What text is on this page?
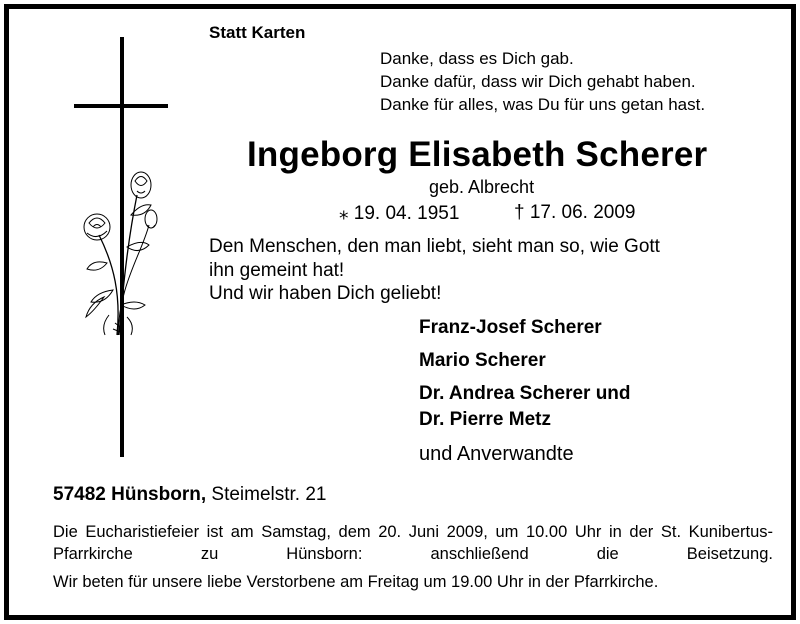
Statt Karten
Danke, dass es Dich gab.
Danke dafür, dass wir Dich gehabt haben.
Danke für alles, was Du für uns getan hast.
Ingeborg Elisabeth Scherer
geb. Albrecht
⁎ 19. 04. 1951	† 17. 06. 2009
Den Menschen, den man liebt, sieht man so, wie Gott
ihn gemeint hat!
Und wir haben Dich geliebt!
Franz-Josef Scherer
Mario Scherer
Dr. Andrea Scherer und
Dr. Pierre Metz
und Anverwandte
57482 Hünsborn, Steimelstr. 21
Die Eucharistiefeier ist am Samstag, dem 20. Juni 2009, um 10.00 Uhr in der St. Kunibertus-Pfarrkirche zu Hünsborn: anschließend die Beisetzung.
Wir beten für unsere liebe Verstorbene am Freitag um 19.00 Uhr in der Pfarrkirche.
